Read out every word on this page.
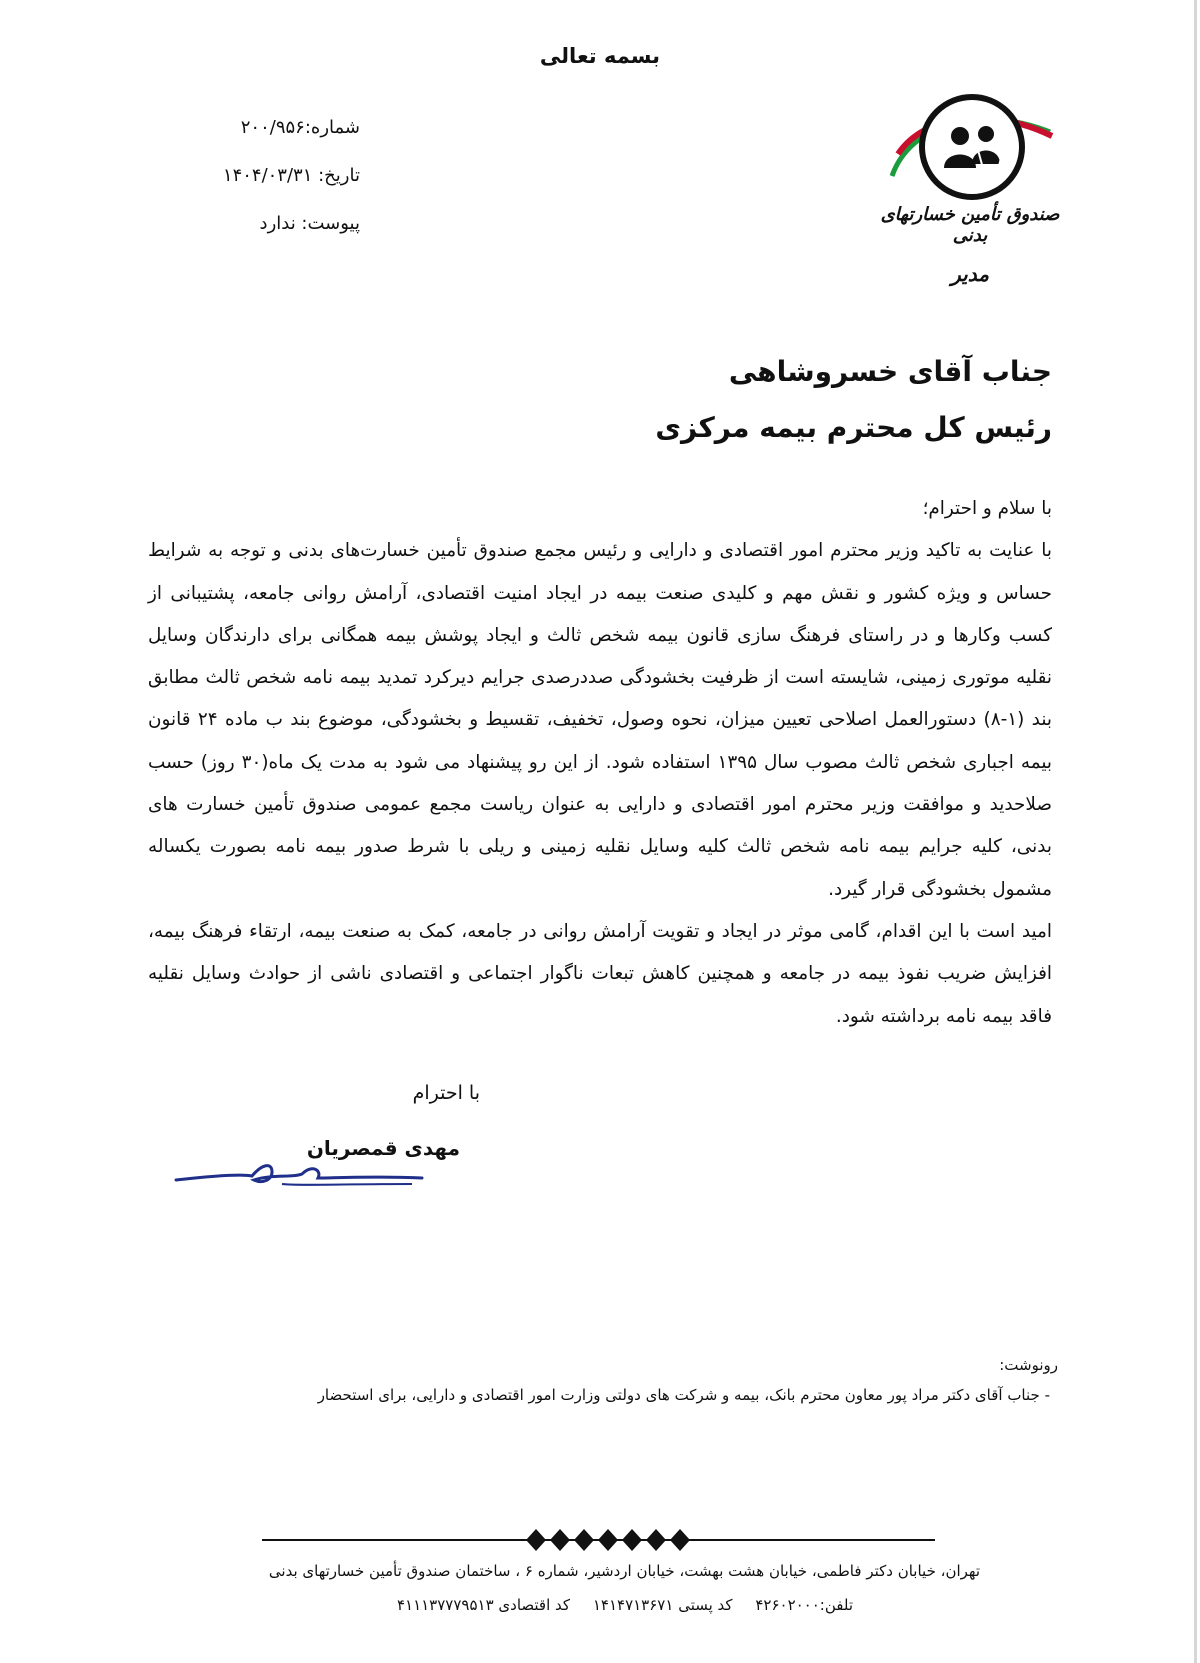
بسمه تعالی
شماره:۲۰۰/۹۵۶
تاریخ: ۱۴۰۴/۰۳/۳۱
پیوست: ندارد	صندوق تأمین خسارتهای بدنی
مدیر
جناب آقای خسروشاهی
رئیس کل محترم بیمه مرکزی

با سلام و احترام؛

با عنایت به تاکید وزیر محترم امور اقتصادی و دارایی و رئیس مجمع صندوق تأمین خسارت‌های بدنی و توجه به شرایط حساس و ویژه کشور و نقش مهم و کلیدی صنعت بیمه در ایجاد امنیت اقتصادی، آرامش روانی جامعه، پشتیبانی از کسب وکارها و در راستای فرهنگ سازی قانون بیمه شخص ثالث و ایجاد پوشش بیمه همگانی برای دارندگان وسایل نقلیه موتوری زمینی، شایسته است از ظرفیت بخشودگی صددرصدی جرایم دیرکرد تمدید بیمه نامه شخص ثالث مطابق بند (۱-۸) دستورالعمل اصلاحی تعیین میزان، نحوه وصول، تخفیف، تقسیط و بخشودگی، موضوع بند ب ماده ۲۴ قانون بیمه اجباری شخص ثالث مصوب سال ۱۳۹۵ استفاده شود. از این رو پیشنهاد می شود به مدت یک ماه(۳۰ روز) حسب صلاحدید و موافقت وزیر محترم امور اقتصادی و دارایی به عنوان ریاست مجمع عمومی صندوق تأمین خسارت های بدنی، کلیه جرایم بیمه نامه شخص ثالث کلیه وسایل نقلیه زمینی و ریلی با شرط صدور بیمه نامه بصورت یکساله مشمول بخشودگی قرار گیرد.

امید است با این اقدام، گامی موثر در ایجاد و تقویت آرامش روانی در جامعه، کمک به صنعت بیمه، ارتقاء فرهنگ بیمه، افزایش ضریب نفوذ بیمه در جامعه و همچنین کاهش تبعات ناگوار اجتماعی و اقتصادی ناشی از حوادث وسایل نقلیه فاقد بیمه نامه برداشته شود.

با احترام
مهدی قمصریان
رونوشت:
- جناب آقای دکتر مراد پور معاون محترم بانک، بیمه و شرکت های دولتی وزارت امور اقتصادی و دارایی، برای استحضار
تهران، خیابان دکتر فاطمی، خیابان هشت بهشت، خیابان اردشیر، شماره ۶ ، ساختمان صندوق تأمین خسارتهای بدنی
تلفن:۴۲۶۰۲۰۰۰ کد پستی ۱۴۱۴۷۱۳۶۷۱ کد اقتصادی ۴۱۱۱۳۷۷۷۹۵۱۳
